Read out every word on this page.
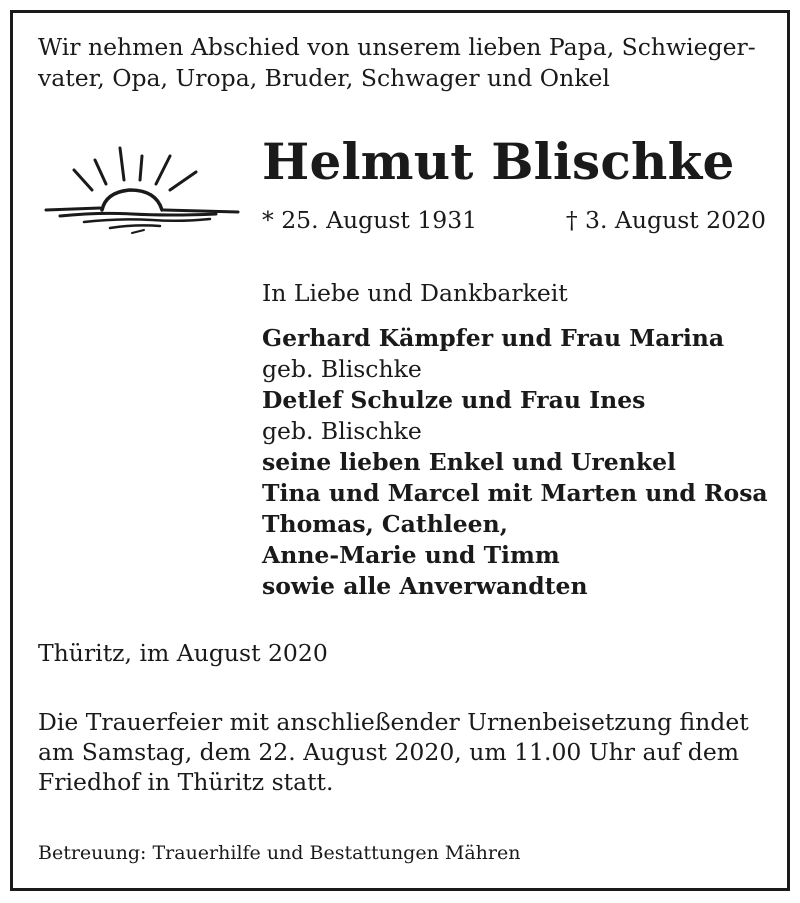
Wir nehmen Abschied von unserem lieben Papa, Schwieger-
vater, Opa, Uropa, Bruder, Schwager und Onkel

Helmut Blischke
* 25. August 1931	† 3. August 2020
In Liebe und Dankbarkeit
Gerhard Kämpfer und Frau Marina
geb. Blischke
Detlef Schulze und Frau Ines
geb. Blischke
seine lieben Enkel und Urenkel
Tina und Marcel mit Marten und Rosa
Thomas, Cathleen,
Anne-Marie und Timm
sowie alle Anverwandten

Thüritz, im August 2020

Die Trauerfeier mit anschließender Urnenbeisetzung findet
am Samstag, dem 22. August 2020, um 11.00 Uhr auf dem
Friedhof in Thüritz statt.

Betreuung: Trauerhilfe und Bestattungen Mähren
